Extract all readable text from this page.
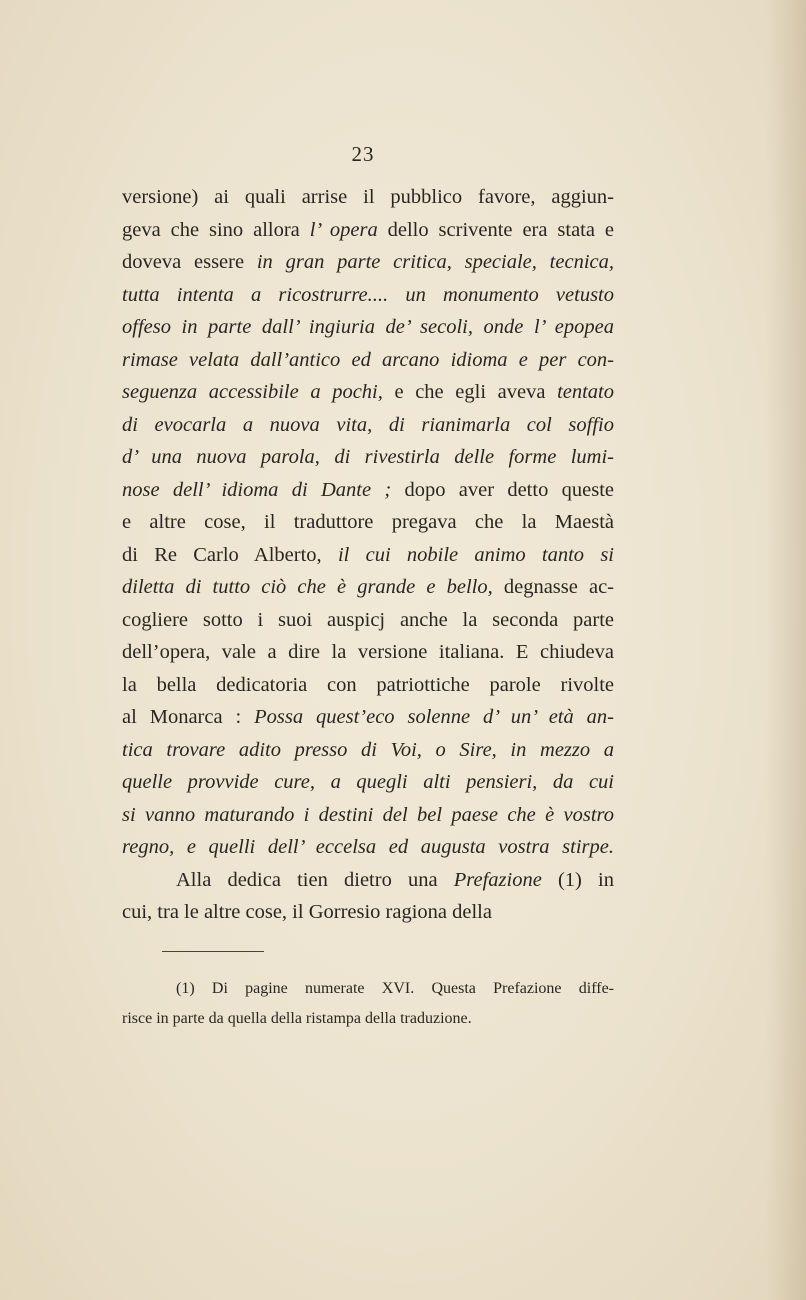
23
versione) ai quali arrise il pubblico favore, aggiun-
geva che sino allora l’ opera dello scrivente era stata e
doveva essere in gran parte critica, speciale, tecnica,
tutta intenta a ricostrurre.... un monumento vetusto
offeso in parte dall’ ingiuria de’ secoli, onde l’ epopea
rimase velata dall’antico ed arcano idioma e per con-
seguenza accessibile a pochi, e che egli aveva tentato
di evocarla a nuova vita, di rianimarla col soffio
d’ una nuova parola, di rivestirla delle forme lumi-
nose dell’ idioma di Dante ; dopo aver detto queste
e altre cose, il traduttore pregava che la Maestà
di Re Carlo Alberto, il cui nobile animo tanto si
diletta di tutto ciò che è grande e bello, degnasse ac-
cogliere sotto i suoi auspicj anche la seconda parte
dell’opera, vale a dire la versione italiana. E chiudeva
la bella dedicatoria con patriottiche parole rivolte
al Monarca : Possa quest’eco solenne d’ un’ età an-
tica trovare adito presso di Voi, o Sire, in mezzo a
quelle provvide cure, a quegli alti pensieri, da cui
si vanno maturando i destini del bel paese che è vostro
regno, e quelli dell’ eccelsa ed augusta vostra stirpe.
Alla dedica tien dietro una Prefazione (1) in
cui, tra le altre cose, il Gorresio ragiona della
(1) Di pagine numerate XVI. Questa Prefazione diffe-
risce in parte da quella della ristampa della traduzione.
